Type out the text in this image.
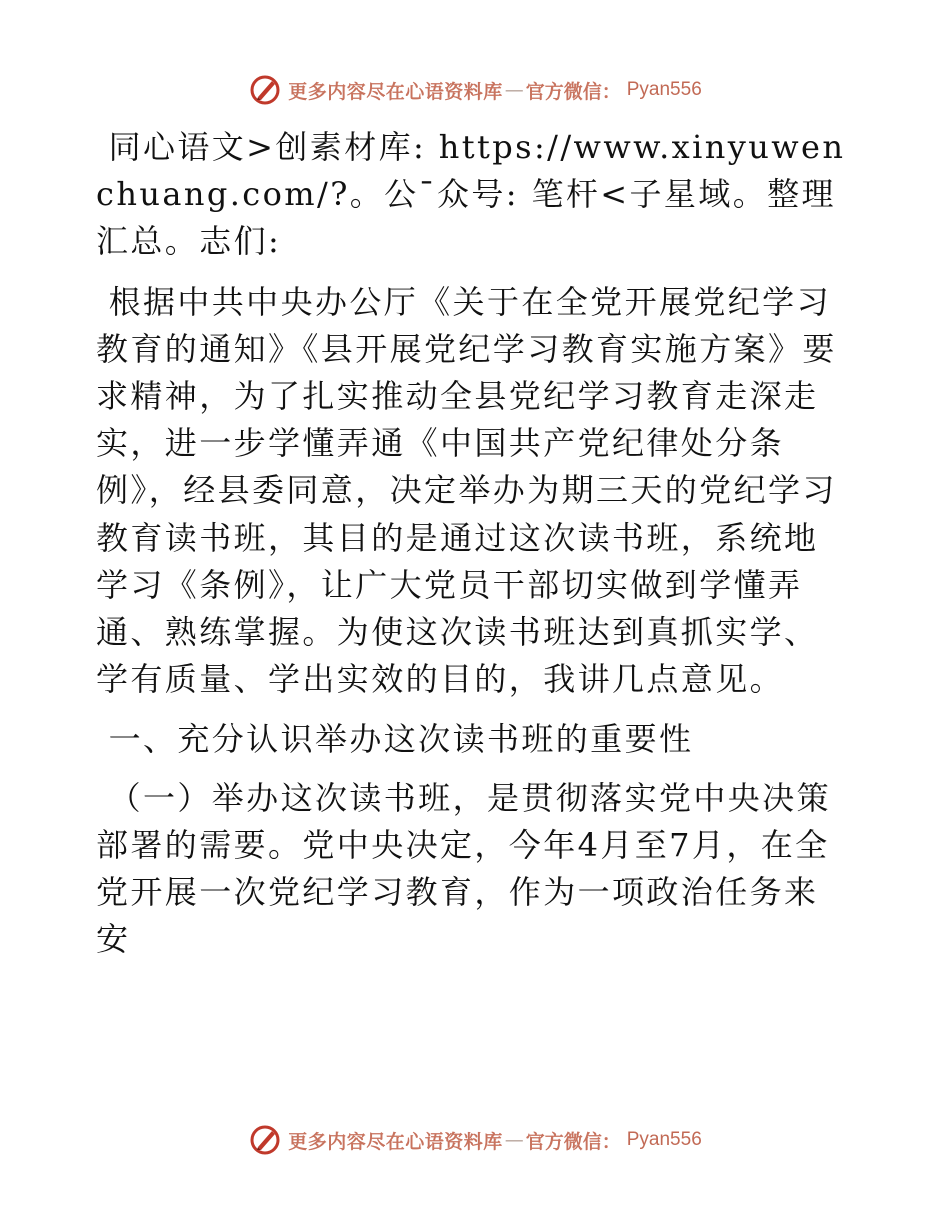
更多内容尽在心语资料库 — 官方微信： Pyan556

同心语文>创素材库: https://www.xinyuwenchuang.com/?。公¯众号: 笔杆<子星域。整理汇总。志们:

根据中共中央办公厅《关于在全党开展党纪学习教育的通知》《县开展党纪学习教育实施方案》要求精神，为了扎实推动全县党纪学习教育走深走实，进一步学懂弄通《中国共产党纪律处分条例》，经县委同意，决定举办为期三天的党纪学习教育读书班，其目的是通过这次读书班，系统地学习《条例》，让广大党员干部切实做到学懂弄通、熟练掌握。为使这次读书班达到真抓实学、学有质量、学出实效的目的，我讲几点意见。

一、充分认识举办这次读书班的重要性

（一）举办这次读书班，是贯彻落实党中央决策部署的需要。党中央决定，今年4月至7月，在全党开展一次党纪学习教育，作为一项政治任务来安

更多内容尽在心语资料库 — 官方微信： Pyan556
